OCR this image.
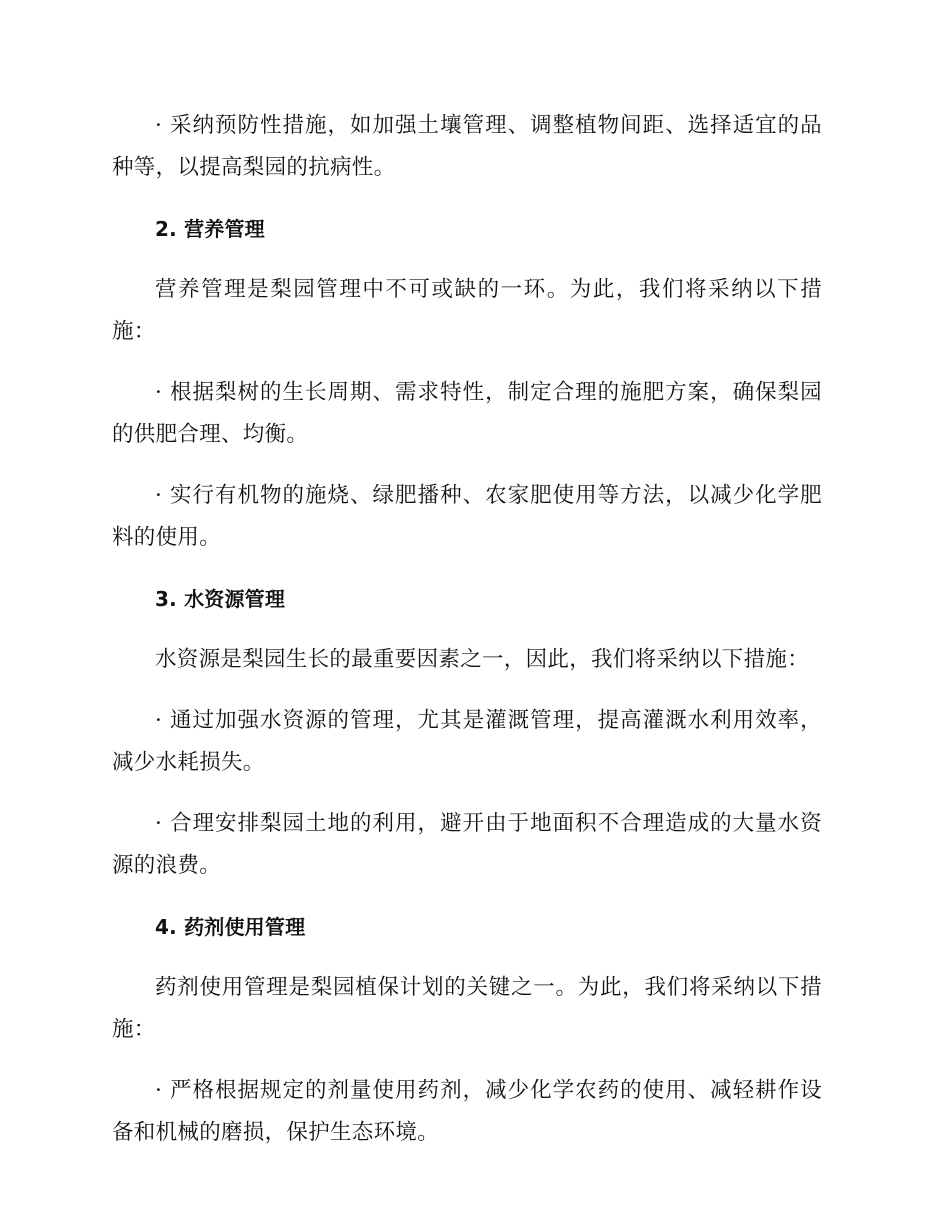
· 采纳预防性措施，如加强土壤管理、调整植物间距、选择适宜的品种等，以提高梨园的抗病性。

2. 营养管理

营养管理是梨园管理中不可或缺的一环。为此，我们将采纳以下措施：

· 根据梨树的生长周期、需求特性，制定合理的施肥方案，确保梨园的供肥合理、均衡。

· 实行有机物的施烧、绿肥播种、农家肥使用等方法，以减少化学肥料的使用。

3. 水资源管理

水资源是梨园生长的最重要因素之一，因此，我们将采纳以下措施：

· 通过加强水资源的管理，尤其是灌溉管理，提高灌溉水利用效率，减少水耗损失。

· 合理安排梨园土地的利用，避开由于地面积不合理造成的大量水资源的浪费。

4. 药剂使用管理

药剂使用管理是梨园植保计划的关键之一。为此，我们将采纳以下措施：

· 严格根据规定的剂量使用药剂，减少化学农药的使用、减轻耕作设备和机械的磨损，保护生态环境。
